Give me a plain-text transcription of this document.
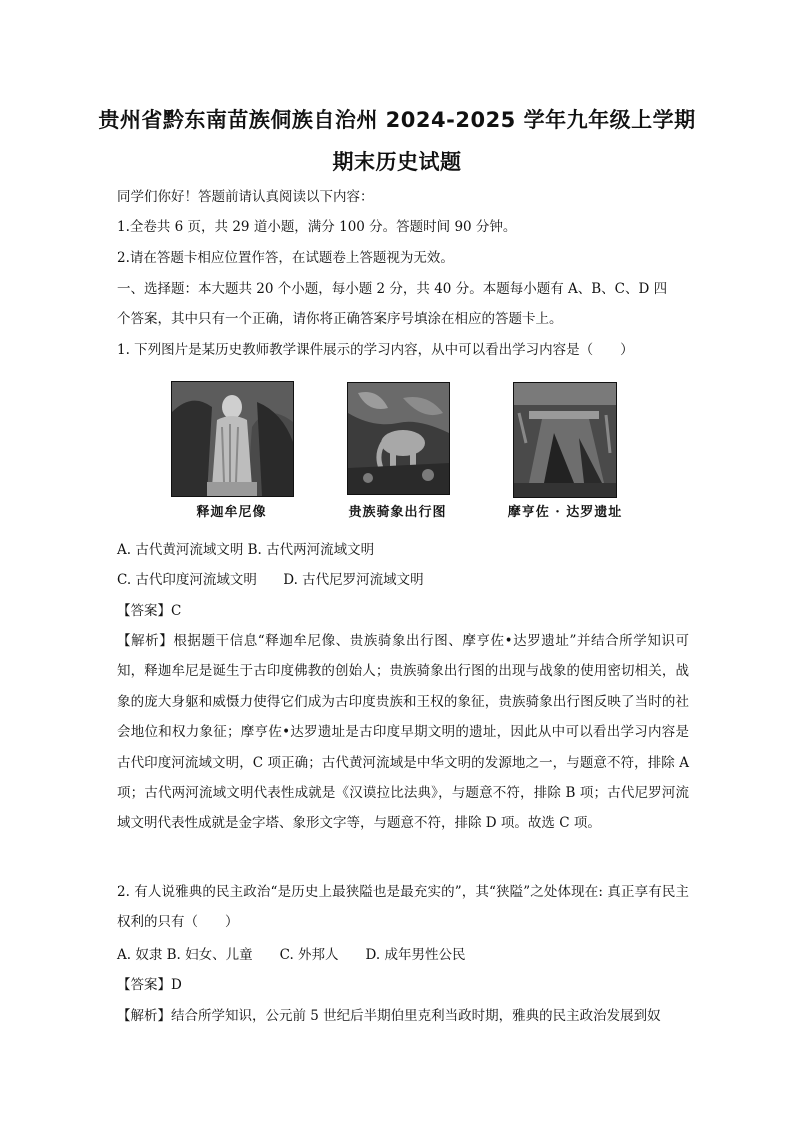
贵州省黔东南苗族侗族自治州 2024-2025 学年九年级上学期
期末历史试题
同学们你好！答题前请认真阅读以下内容：
1.全卷共 6 页，共 29 道小题，满分 100 分。答题时间 90 分钟。
2.请在答题卡相应位置作答，在试题卷上答题视为无效。
一、选择题：本大题共 20 个小题，每小题 2 分，共 40 分。本题每小题有 A、B、C、D 四
个答案，其中只有一个正确，请你将正确答案序号填涂在相应的答题卡上。
1. 下列图片是某历史教师教学课件展示的学习内容，从中可以看出学习内容是（　　）
释迦牟尼像	贵族骑象出行图	摩亨佐 · 达罗遗址
A. 古代黄河流域文明 B. 古代两河流域文明
C. 古代印度河流域文明 D. 古代尼罗河流域文明
【答案】C
【解析】根据题干信息“释迦牟尼像、贵族骑象出行图、摩亨佐•达罗遗址”并结合所学知识可知，释迦牟尼是诞生于古印度佛教的创始人；贵族骑象出行图的出现与战象的使用密切相关，战象的庞大身躯和威慑力使得它们成为古印度贵族和王权的象征，贵族骑象出行图反映了当时的社会地位和权力象征；摩亨佐•达罗遗址是古印度早期文明的遗址，因此从中可以看出学习内容是古代印度河流域文明，C 项正确；古代黄河流域是中华文明的发源地之一，与题意不符，排除 A 项；古代两河流域文明代表性成就是《汉谟拉比法典》，与题意不符，排除 B 项；古代尼罗河流域文明代表性成就是金字塔、象形文字等，与题意不符，排除 D 项。故选 C 项。
2. 有人说雅典的民主政治“是历史上最狭隘也是最充实的”，其“狭隘”之处体现在: 真正享有民主权利的只有（　　）
A. 奴隶 B. 妇女、儿童　　C. 外邦人　　D. 成年男性公民
【答案】D
【解析】结合所学知识，公元前 5 世纪后半期伯里克利当政时期，雅典的民主政治发展到奴
